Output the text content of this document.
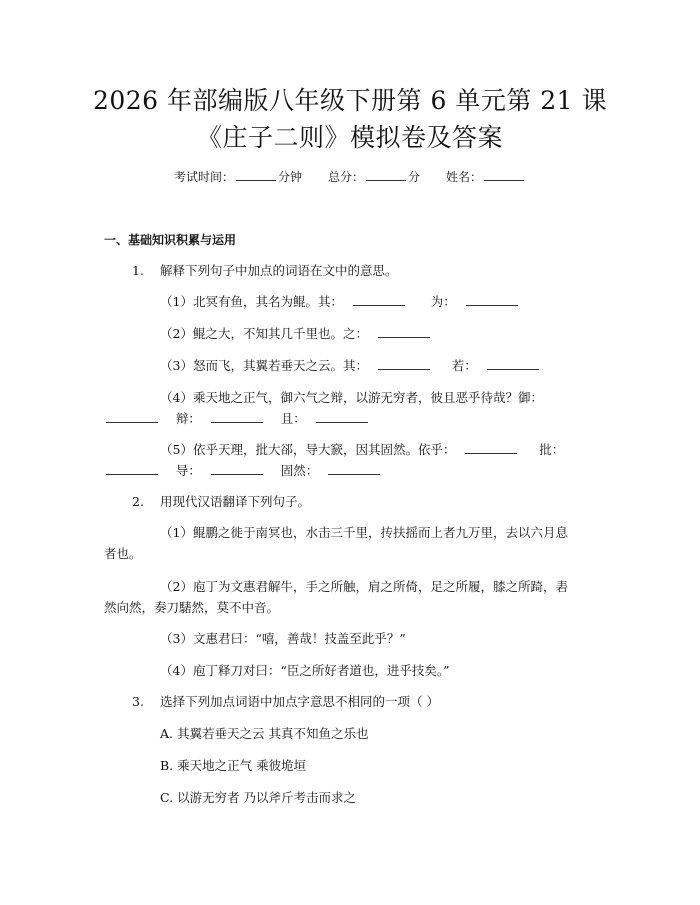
2026 年部编版八年级下册第 6 单元第 21 课
《庄子二则》模拟卷及答案
考试时间：	分钟 总分：	分 姓名：
一、基础知识积累与运用
1. 解释下列句子中加点的词语在文中的意思。
（1）北冥有鱼，其名为鲲。其：	为：
（2）鲲之大，不知其几千里也。之：
（3）怒而飞，其翼若垂天之云。其：	若：
（4）乘天地之正气，御六气之辩，以游无穷者，彼且恶乎待哉？御：
辩：	且：
（5）依乎天理，批大郤，导大窾，因其固然。依乎：	批：
导：	固然：
2. 用现代汉语翻译下列句子。
（1）鲲鹏之徙于南冥也，水击三千里，抟扶摇而上者九万里，去以六月息
者也。
（2）庖丁为文惠君解牛，手之所触，肩之所倚，足之所履，膝之所踦，砉
然向然，奏刀騞然，莫不中音。
（3）文惠君曰：“嘻，善哉！技盖至此乎？”
（4）庖丁释刀对曰：“臣之所好者道也，进乎技矣。”
3. 选择下列加点词语中加点字意思不相同的一项（ ）
A. 其翼若垂天之云 其真不知鱼之乐也
B. 乘天地之正气 乘彼垝垣
C. 以游无穷者 乃以斧斤考击而求之
